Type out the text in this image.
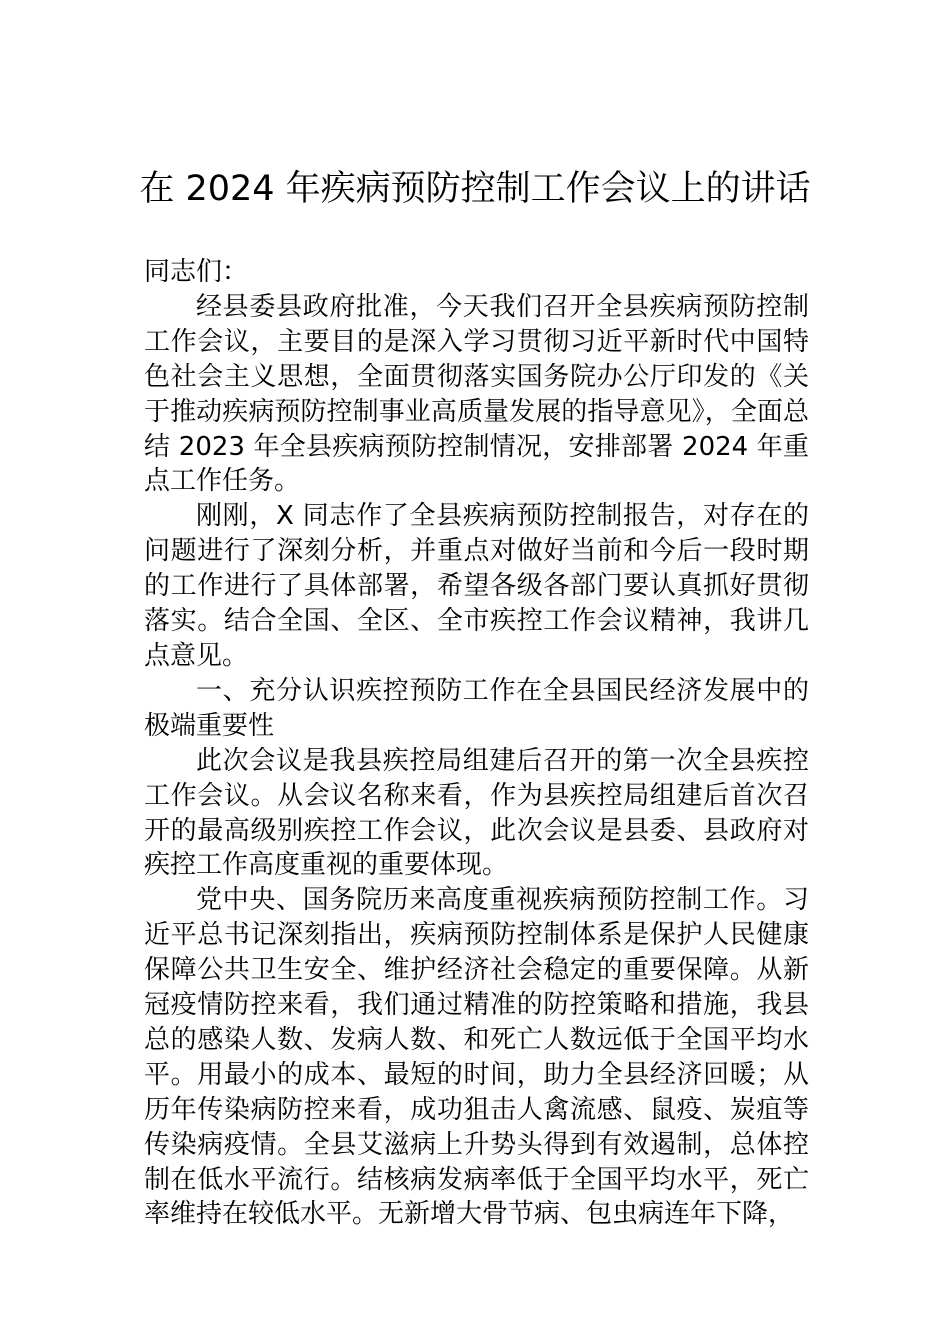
在 2024 年疾病预防控制工作会议上的讲话

同志们：

经县委县政府批准，今天我们召开全县疾病预防控制工作会议，主要目的是深入学习贯彻习近平新时代中国特色社会主义思想，全面贯彻落实国务院办公厅印发的《关于推动疾病预防控制事业高质量发展的指导意见》，全面总结 2023 年全县疾病预防控制情况，安排部署 2024 年重点工作任务。

刚刚，X 同志作了全县疾病预防控制报告，对存在的问题进行了深刻分析，并重点对做好当前和今后一段时期的工作进行了具体部署，希望各级各部门要认真抓好贯彻落实。结合全国、全区、全市疾控工作会议精神，我讲几点意见。

一、充分认识疾控预防工作在全县国民经济发展中的极端重要性

此次会议是我县疾控局组建后召开的第一次全县疾控工作会议。从会议名称来看，作为县疾控局组建后首次召开的最高级别疾控工作会议，此次会议是县委、县政府对疾控工作高度重视的重要体现。

党中央、国务院历来高度重视疾病预防控制工作。习近平总书记深刻指出，疾病预防控制体系是保护人民健康保障公共卫生安全、维护经济社会稳定的重要保障。从新冠疫情防控来看，我们通过精准的防控策略和措施，我县总的感染人数、发病人数、和死亡人数远低于全国平均水平。用最小的成本、最短的时间，助力全县经济回暖；从历年传染病防控来看，成功狙击人禽流感、鼠疫、炭疽等传染病疫情。全县艾滋病上升势头得到有效遏制，总体控制在低水平流行。结核病发病率低于全国平均水平，死亡率维持在较低水平。无新增大骨节病、包虫病连年下降，
